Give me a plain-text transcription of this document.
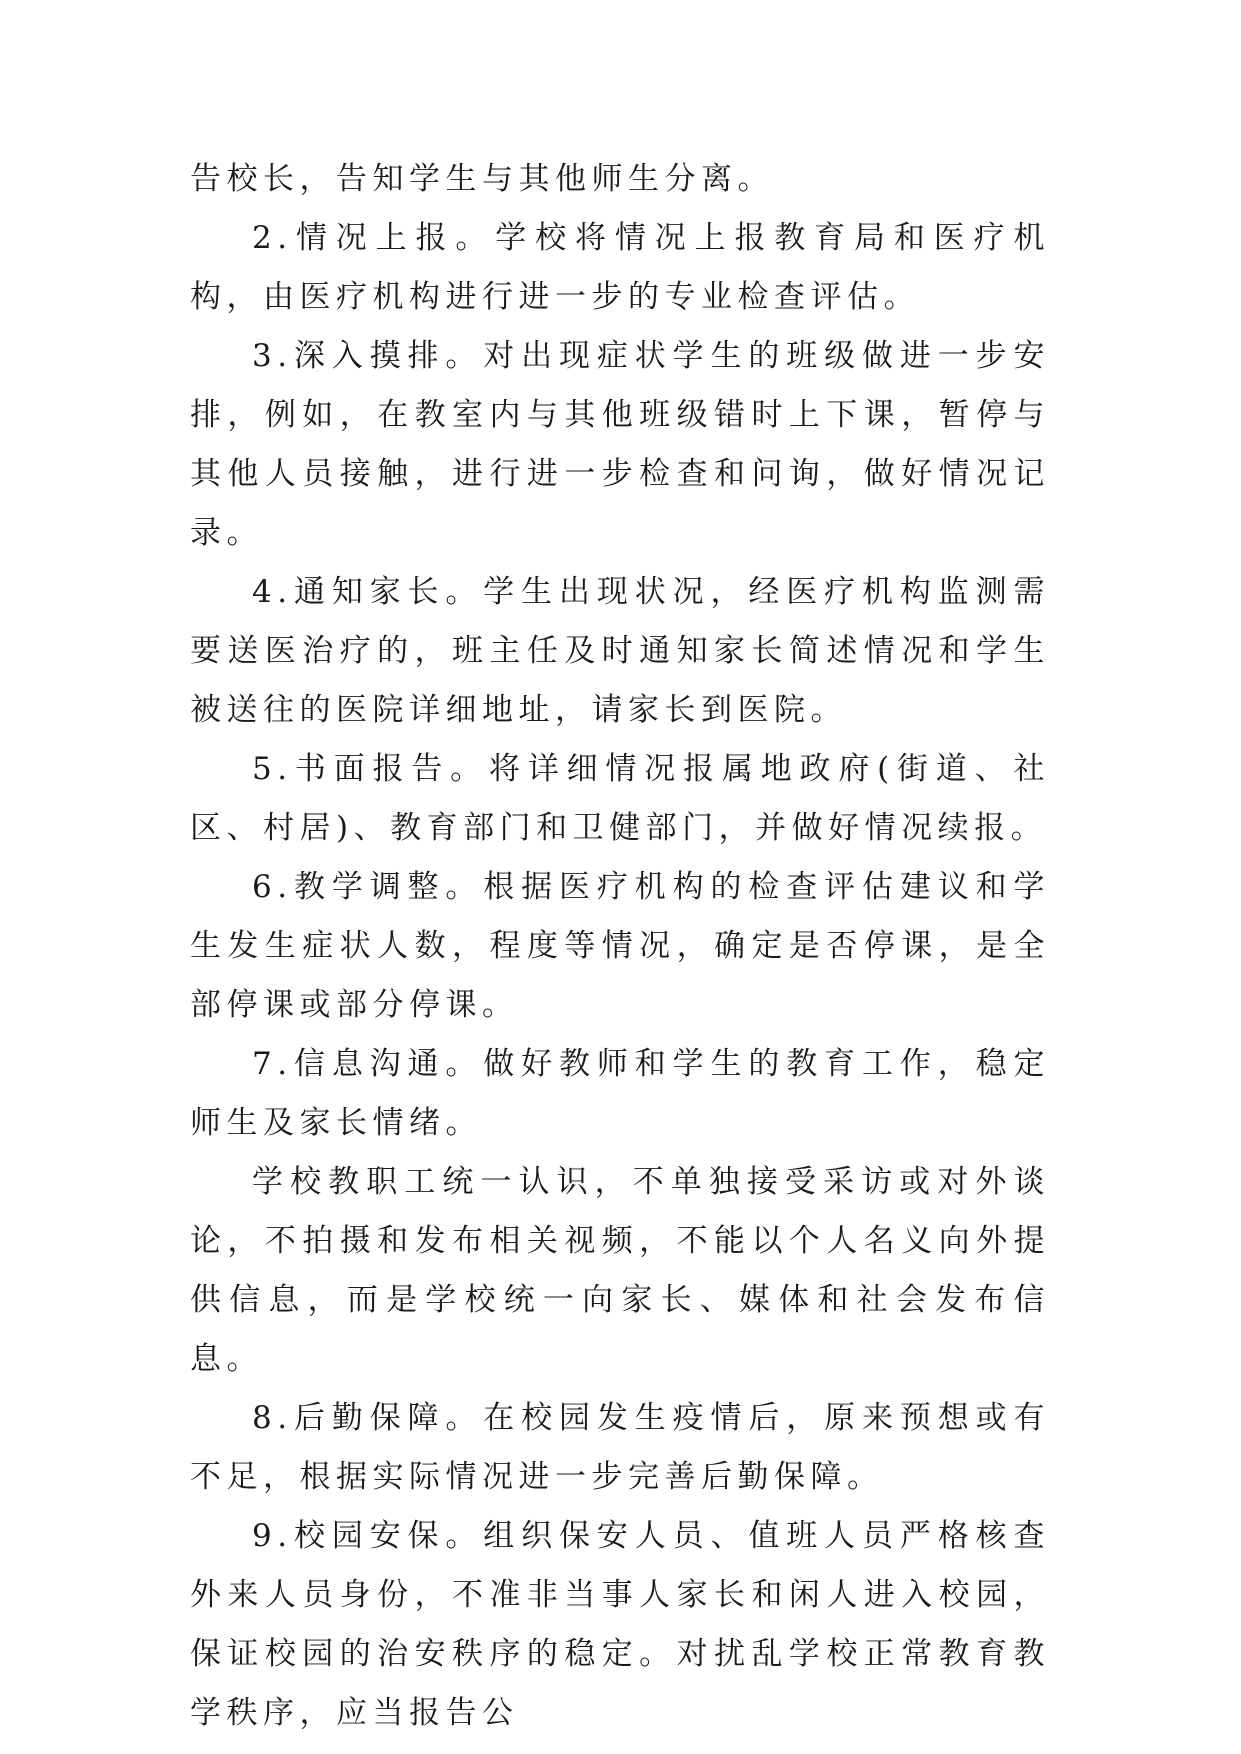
告校长，告知学生与其他师生分离。

2.情况上报。学校将情况上报教育局和医疗机构，由医疗机构进行进一步的专业检查评估。

3.深入摸排。对出现症状学生的班级做进一步安排，例如，在教室内与其他班级错时上下课，暂停与其他人员接触，进行进一步检查和问询，做好情况记录。

4.通知家长。学生出现状况，经医疗机构监测需要送医治疗的，班主任及时通知家长简述情况和学生被送往的医院详细地址，请家长到医院。

5.书面报告。将详细情况报属地政府(街道、社区、村居)、教育部门和卫健部门，并做好情况续报。

6.教学调整。根据医疗机构的检查评估建议和学生发生症状人数，程度等情况，确定是否停课，是全部停课或部分停课。

7.信息沟通。做好教师和学生的教育工作，稳定师生及家长情绪。

学校教职工统一认识，不单独接受采访或对外谈论，不拍摄和发布相关视频，不能以个人名义向外提供信息，而是学校统一向家长、媒体和社会发布信息。

8.后勤保障。在校园发生疫情后，原来预想或有不足，根据实际情况进一步完善后勤保障。

9.校园安保。组织保安人员、值班人员严格核查外来人员身份，不准非当事人家长和闲人进入校园，保证校园的治安秩序的稳定。对扰乱学校正常教育教学秩序，应当报告公
